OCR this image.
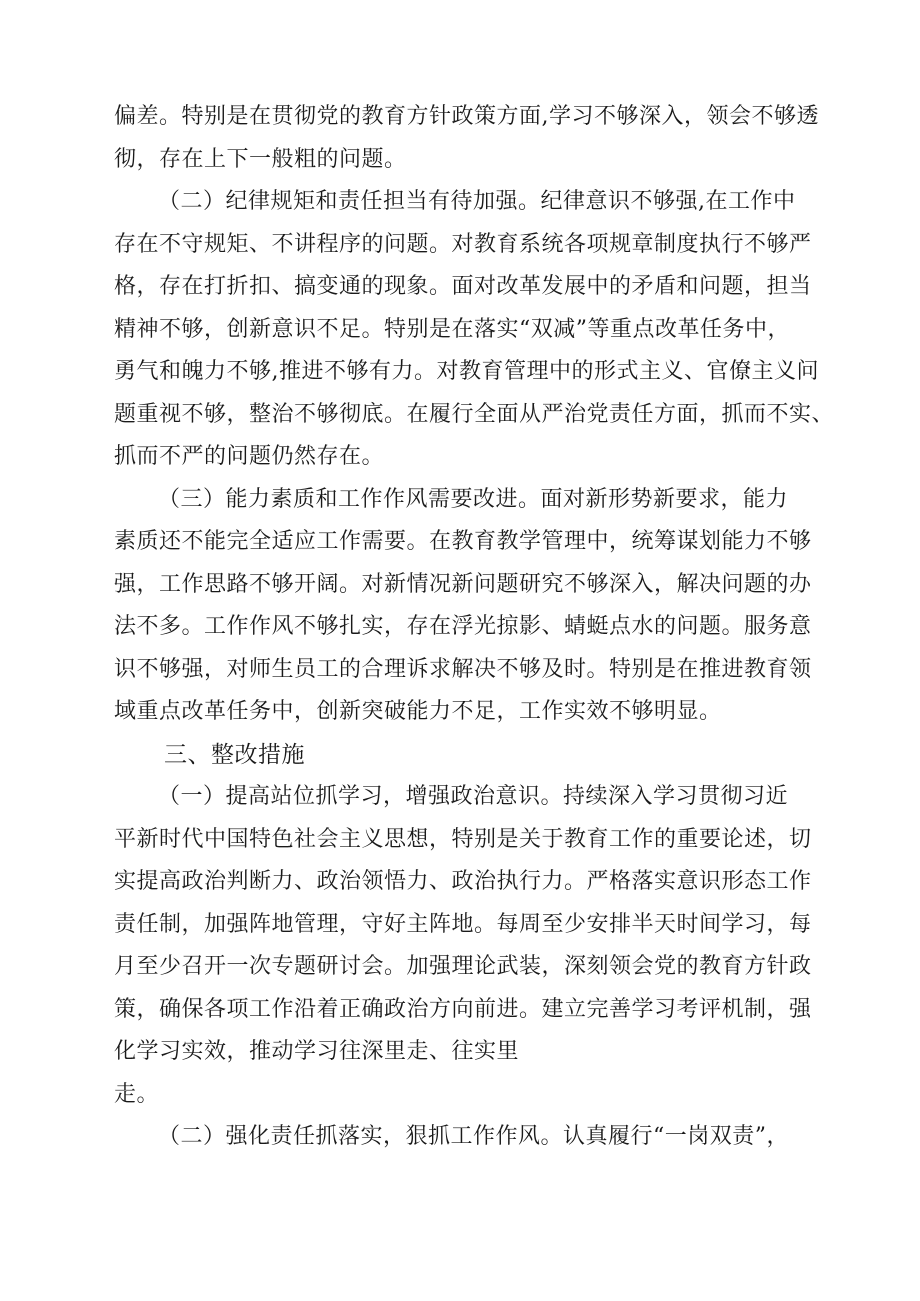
偏差。特别是在贯彻党的教育方针政策方面,学习不够深入，领会不够透
彻，存在上下一般粗的问题。
（二）纪律规矩和责任担当有待加强。纪律意识不够强,在工作中
存在不守规矩、不讲程序的问题。对教育系统各项规章制度执行不够严
格，存在打折扣、搞变通的现象。面对改革发展中的矛盾和问题，担当
精神不够，创新意识不足。特别是在落实“双减”等重点改革任务中，
勇气和魄力不够,推进不够有力。对教育管理中的形式主义、官僚主义问
题重视不够，整治不够彻底。在履行全面从严治党责任方面，抓而不实、
抓而不严的问题仍然存在。
（三）能力素质和工作作风需要改进。面对新形势新要求，能力
素质还不能完全适应工作需要。在教育教学管理中，统筹谋划能力不够
强，工作思路不够开阔。对新情况新问题研究不够深入，解决问题的办
法不多。工作作风不够扎实，存在浮光掠影、蜻蜓点水的问题。服务意
识不够强，对师生员工的合理诉求解决不够及时。特别是在推进教育领
域重点改革任务中，创新突破能力不足，工作实效不够明显。
三、整改措施
（一）提高站位抓学习，增强政治意识。持续深入学习贯彻习近
平新时代中国特色社会主义思想，特别是关于教育工作的重要论述，切
实提高政治判断力、政治领悟力、政治执行力。严格落实意识形态工作
责任制，加强阵地管理，守好主阵地。每周至少安排半天时间学习，每
月至少召开一次专题研讨会。加强理论武装，深刻领会党的教育方针政
策，确保各项工作沿着正确政治方向前进。建立完善学习考评机制，强
化学习实效，推动学习往深里走、往实里
走。
（二）强化责任抓落实，狠抓工作作风。认真履行“一岗双责”，
